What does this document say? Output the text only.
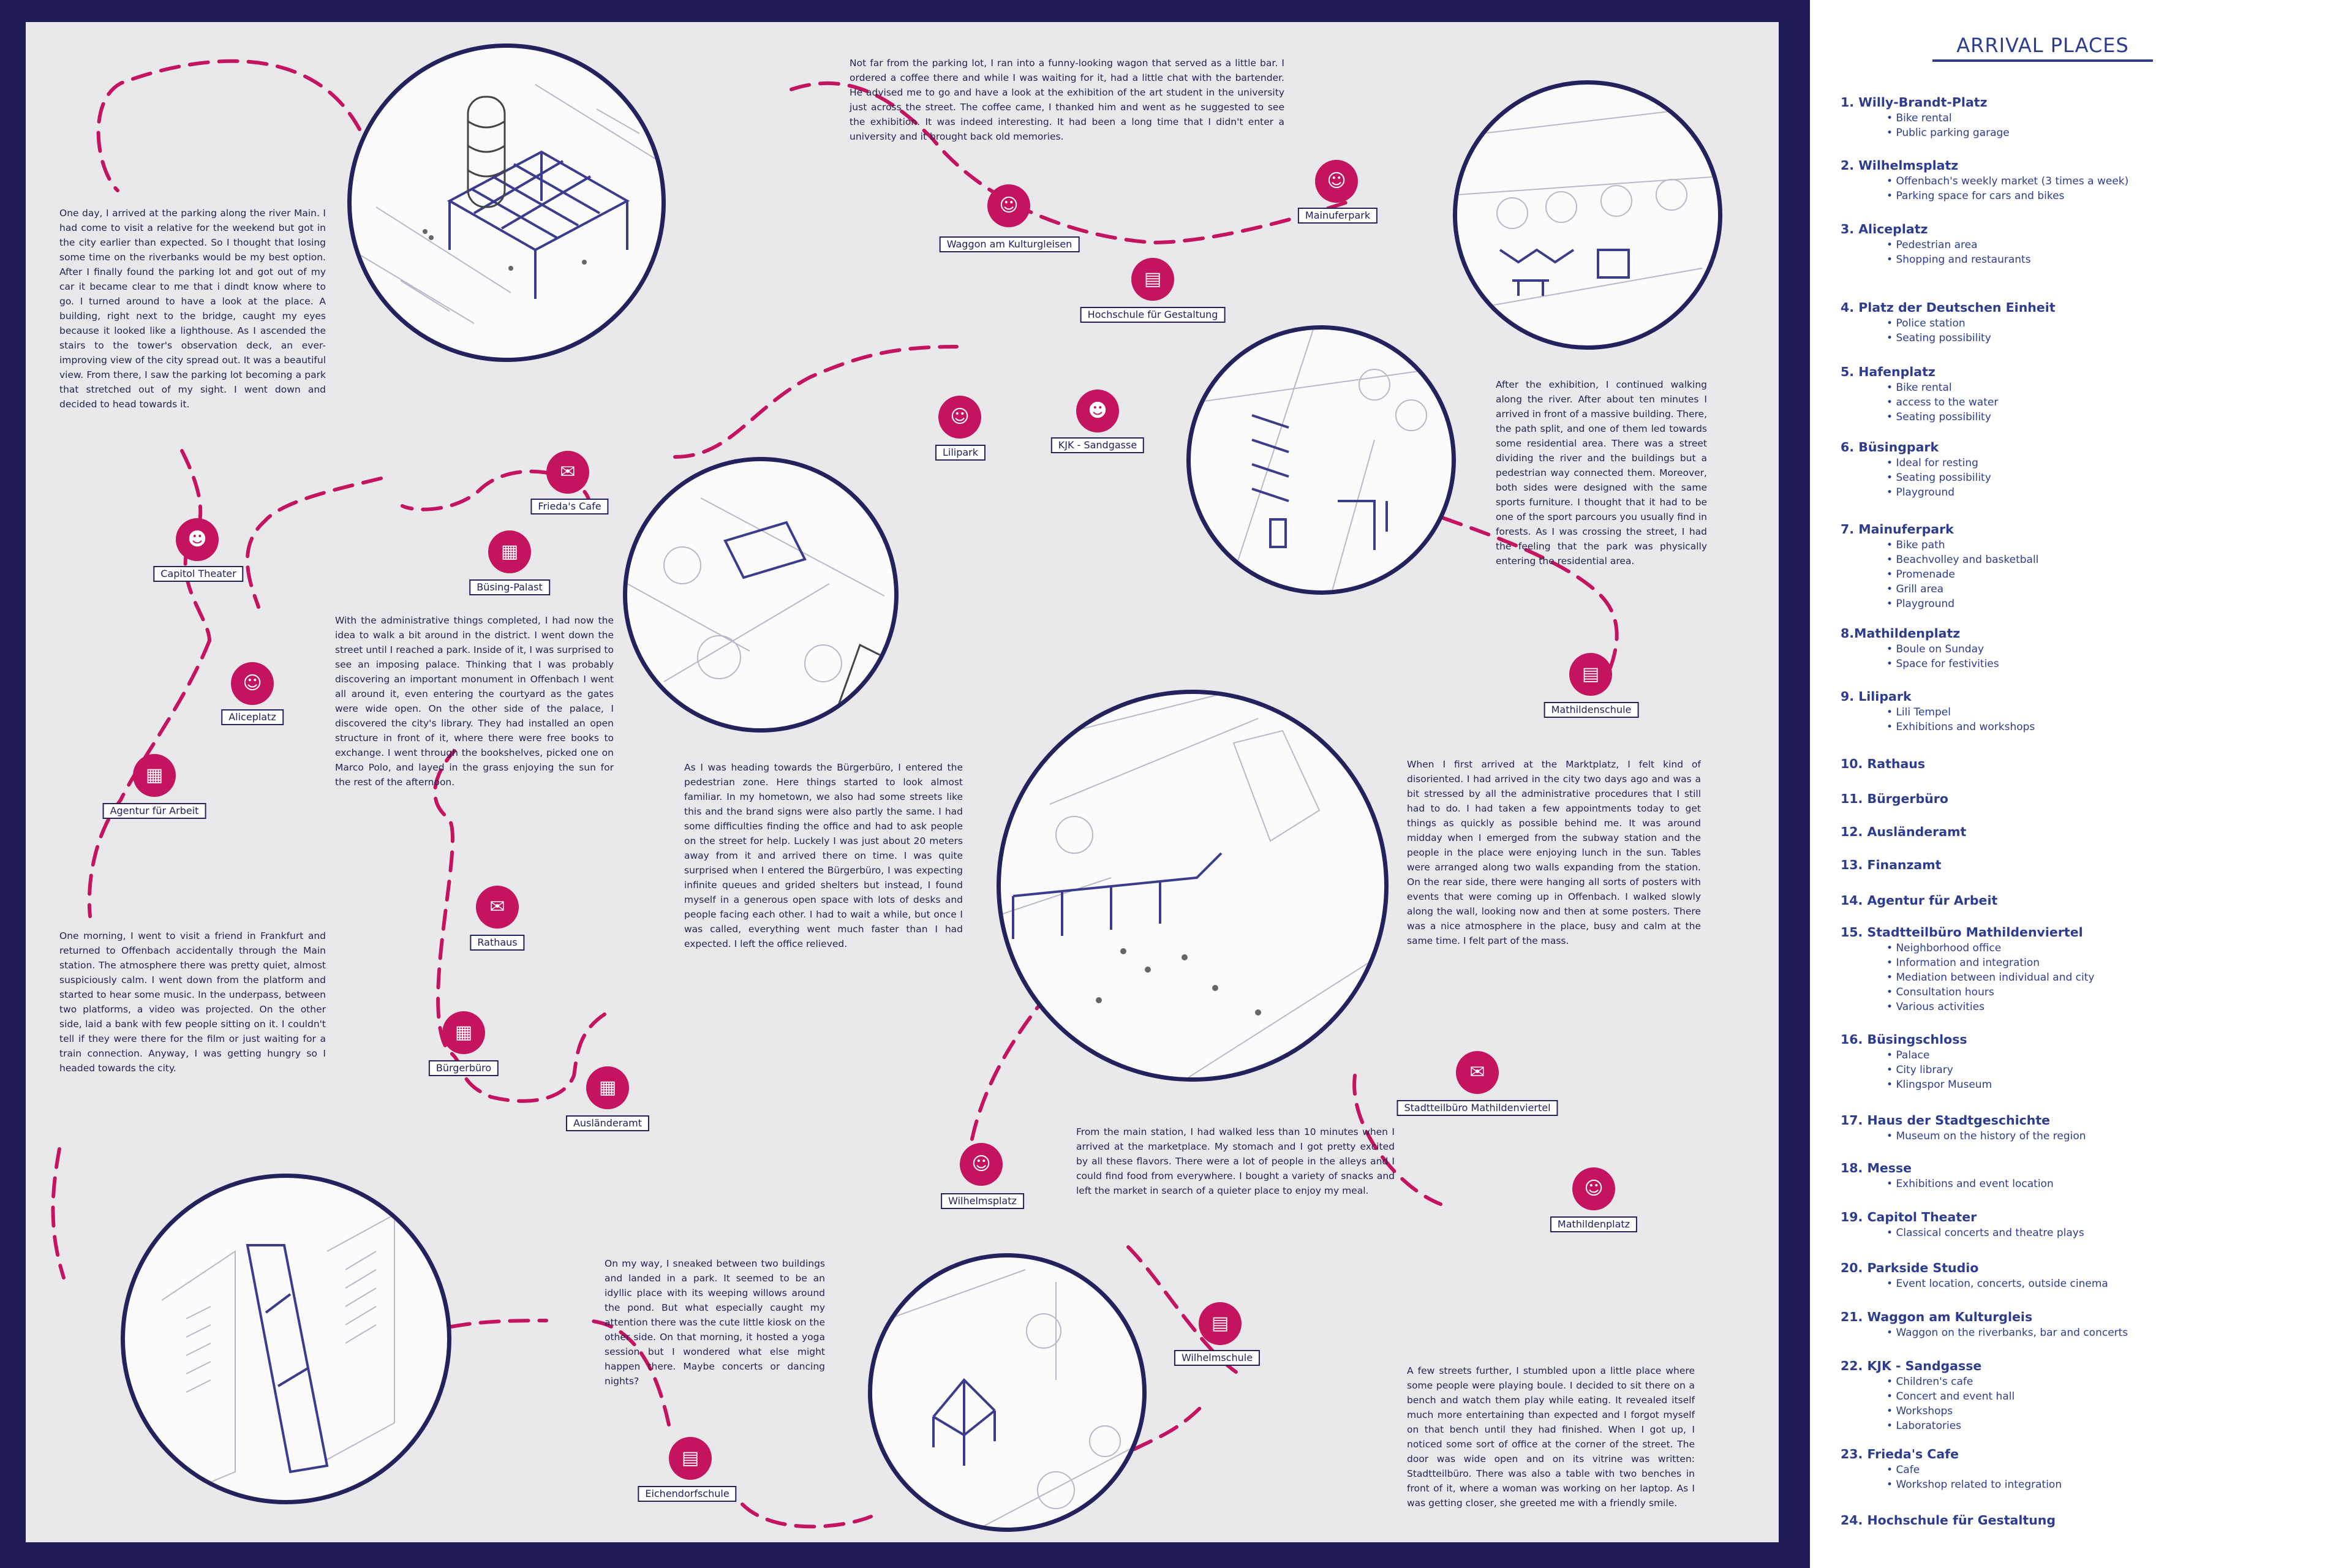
One day, I arrived at the parking along the river Main. I had come to visit a relative for the weekend but got in the city earlier than expected. So I thought that losing some time on the riverbanks would be my best option. After I finally found the parking lot and got out of my car it became clear to me that i dindt know where to go. I turned around to have a look at the place. A building, right next to the bridge, caught my eyes because it looked like a lighthouse. As I ascended the stairs to the tower's observation deck, an ever-improving view of the city spread out. It was a beautiful view. From there, I saw the parking lot becoming a park that stretched out of my sight. I went down and decided to head towards it.

Not far from the parking lot, I ran into a funny-looking wagon that served as a little bar. I ordered a coffee there and while I was waiting for it, had a little chat with the bartender. He advised me to go and have a look at the exhibition of the art student in the university just across the street. The coffee came, I thanked him and went as he suggested to see the exhibition. It was indeed interesting. It had been a long time that I didn't enter a university and it brought back old memories.

After the exhibition, I continued walking along the river. After about ten minutes I arrived in front of a massive building. There, the path split, and one of them led towards some residential area. There was a street dividing the river and the buildings but a pedestrian way connected them. Moreover, both sides were designed with the same sports furniture. I thought that it had to be one of the sport parcours you usually find in forests. As I was crossing the street, I had the feeling that the park was physically entering the residential area.

With the administrative things completed, I had now the idea to walk a bit around in the district. I went down the street until I reached a park. Inside of it, I was surprised to see an imposing palace. Thinking that I was probably discovering an important monument in Offenbach I went all around it, even entering the courtyard as the gates were wide open. On the other side of the palace, I discovered the city's library. They had installed an open structure in front of it, where there were free books to exchange. I went through the bookshelves, picked one on Marco Polo, and layed in the grass enjoying the sun for the rest of the afternoon.

As I was heading towards the Bürgerbüro, I entered the pedestrian zone. Here things started to look almost familiar. In my hometown, we also had some streets like this and the brand signs were also partly the same. I had some difficulties finding the office and had to ask people on the street for help. Luckely I was just about 20 meters away from it and arrived there on time. I was quite surprised when I entered the Bürgerbüro, I was expecting infinite queues and grided shelters but instead, I found myself in a generous open space with lots of desks and people facing each other. I had to wait a while, but once I was called, everything went much faster than I had expected. I left the office relieved.

When I first arrived at the Marktplatz, I felt kind of disoriented. I had arrived in the city two days ago and was a bit stressed by all the administrative procedures that I still had to do. I had taken a few appointments today to get things as quickly as possible behind me. It was around midday when I emerged from the subway station and the people in the place were enjoying lunch in the sun. Tables were arranged along two walls expanding from the station. On the rear side, there were hanging all sorts of posters with events that were coming up in Offenbach. I walked slowly along the wall, looking now and then at some posters. There was a nice atmosphere in the place, busy and calm at the same time. I felt part of the mass.

One morning, I went to visit a friend in Frankfurt and returned to Offenbach accidentally through the Main station. The atmosphere there was pretty quiet, almost suspiciously calm. I went down from the platform and started to hear some music. In the underpass, between two platforms, a video was projected. On the other side, laid a bank with few people sitting on it. I couldn't tell if they were there for the film or just waiting for a train connection. Anyway, I was getting hungry so I headed towards the city.

From the main station, I had walked less than 10 minutes when I arrived at the marketplace. My stomach and I got pretty excited by all these flavors. There were a lot of people in the alleys and I could find food from everywhere. I bought a variety of snacks and left the market in search of a quieter place to enjoy my meal.

On my way, I sneaked between two buildings and landed in a park. It seemed to be an idyllic place with its weeping willows around the pond. But what especially caught my attention there was the cute little kiosk on the other side. On that morning, it hosted a yoga session but I wondered what else might happen there. Maybe concerts or dancing nights?

A few streets further, I stumbled upon a little place where some people were playing boule. I decided to sit there on a bench and watch them play while eating. It revealed itself much more entertaining than expected and I forgot myself on that bench until they had finished. When I got up, I noticed some sort of office at the corner of the street. The door was wide open and on its vitrine was written: Stadtteilbüro. There was also a table with two benches in front of it, where a woman was working on her laptop. As I was getting closer, she greeted me with a friendly smile.

☺
Waggon am Kulturgleisen
☺
Mainuferpark
▤
Hochschule für Gestaltung
☻
KJK - Sandgasse
☺
Lilipark
✉
Frieda's Cafe
▦
Büsing-Palast
☻
Capitol Theater
☺
Aliceplatz
▦
Agentur für Arbeit
▤
Mathildenschule
✉
Rathaus
▦
Bürgerbüro
▦
Ausländeramt
✉
Stadtteilbüro Mathildenviertel
☺
Mathildenplatz
☺
Wilhelmsplatz
▤
Wilhelmschule
▤
Eichendorfschule
ARRIVAL PLACES
1. Willy-Brandt-Platz
• Bike rental
• Public parking garage
2. Wilhelmsplatz
• Offenbach's weekly market (3 times a week)
• Parking space for cars and bikes
3. Aliceplatz
• Pedestrian area
• Shopping and restaurants
4. Platz der Deutschen Einheit
• Police station
• Seating possibility
5. Hafenplatz
• Bike rental
• access to the water
• Seating possibility
6. Büsingpark
• Ideal for resting
• Seating possibility
• Playground
7. Mainuferpark
• Bike path
• Beachvolley and basketball
• Promenade
• Grill area
• Playground
8.Mathildenplatz
• Boule on Sunday
• Space for festivities
9. Lilipark
• Lili Tempel
• Exhibitions and workshops
10. Rathaus
11. Bürgerbüro
12. Ausländeramt
13. Finanzamt
14. Agentur für Arbeit
15. Stadtteilbüro Mathildenviertel
• Neighborhood office
• Information and integration
• Mediation between individual and city
• Consultation hours
• Various activities
16. Büsingschloss
• Palace
• City library
• Klingspor Museum
17. Haus der Stadtgeschichte
• Museum on the history of the region
18. Messe
• Exhibitions and event location
19. Capitol Theater
• Classical concerts and theatre plays
20. Parkside Studio
• Event location, concerts, outside cinema
21. Waggon am Kulturgleis
• Waggon on the riverbanks, bar and concerts
22. KJK - Sandgasse
• Children's cafe
• Concert and event hall
• Workshops
• Laboratories
23. Frieda's Cafe
• Cafe
• Workshop related to integration
24. Hochschule für Gestaltung
